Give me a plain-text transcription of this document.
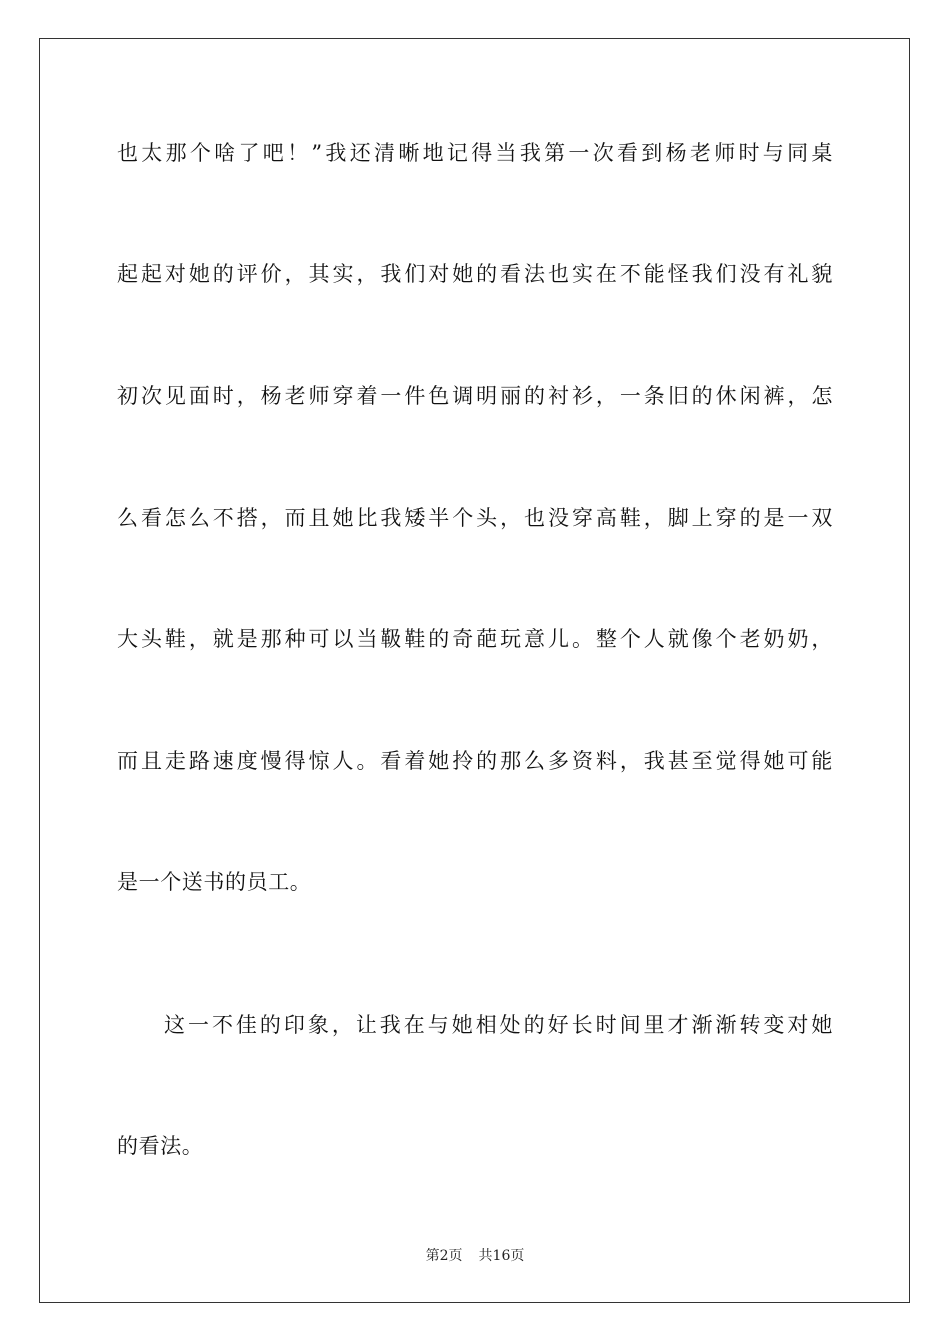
也太那个啥了吧！”我还清晰地记得当我第一次看到杨老师时与同桌
起起对她的评价，其实，我们对她的看法也实在不能怪我们没有礼貌
初次见面时，杨老师穿着一件色调明丽的衬衫，一条旧的休闲裤，怎
么看怎么不搭，而且她比我矮半个头，也没穿高鞋，脚上穿的是一双
大头鞋，就是那种可以当靸鞋的奇葩玩意儿。整个人就像个老奶奶，
而且走路速度慢得惊人。看着她拎的那么多资料，我甚至觉得她可能
是一个送书的员工。
这一不佳的印象，让我在与她相处的好长时间里才渐渐转变对她
的看法。
第2页 共16页
